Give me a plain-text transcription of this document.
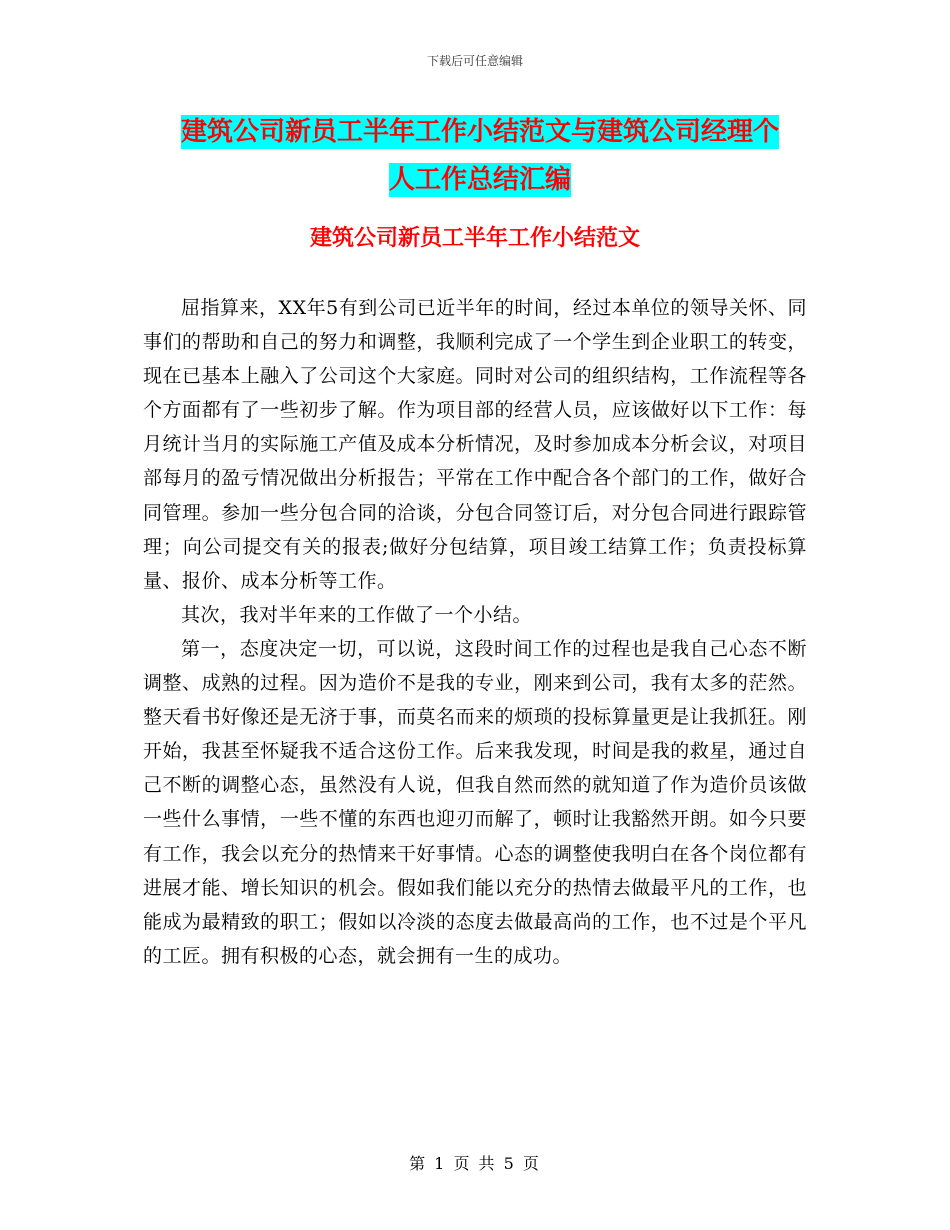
下载后可任意编辑
建筑公司新员工半年工作小结范文与建筑公司经理个
人工作总结汇编
建筑公司新员工半年工作小结范文

屈指算来，XX年5有到公司已近半年的时间，经过本单位的领导关怀、同事们的帮助和自己的努力和调整，我顺利完成了一个学生到企业职工的转变，现在已基本上融入了公司这个大家庭。同时对公司的组织结构，工作流程等各个方面都有了一些初步了解。作为项目部的经营人员，应该做好以下工作：每月统计当月的实际施工产值及成本分析情况，及时参加成本分析会议，对项目部每月的盈亏情况做出分析报告；平常在工作中配合各个部门的工作，做好合同管理。参加一些分包合同的洽谈，分包合同签订后，对分包合同进行跟踪管理；向公司提交有关的报表;做好分包结算，项目竣工结算工作；负责投标算量、报价、成本分析等工作。

其次，我对半年来的工作做了一个小结。

第一，态度决定一切，可以说，这段时间工作的过程也是我自己心态不断调整、成熟的过程。因为造价不是我的专业，刚来到公司，我有太多的茫然。整天看书好像还是无济于事，而莫名而来的烦琐的投标算量更是让我抓狂。刚开始，我甚至怀疑我不适合这份工作。后来我发现，时间是我的救星，通过自己不断的调整心态，虽然没有人说，但我自然而然的就知道了作为造价员该做一些什么事情，一些不懂的东西也迎刃而解了，顿时让我豁然开朗。如今只要有工作，我会以充分的热情来干好事情。心态的调整使我明白在各个岗位都有进展才能、增长知识的机会。假如我们能以充分的热情去做最平凡的工作，也能成为最精致的职工；假如以冷淡的态度去做最高尚的工作，也不过是个平凡的工匠。拥有积极的心态，就会拥有一生的成功。

第 1 页 共 5 页
